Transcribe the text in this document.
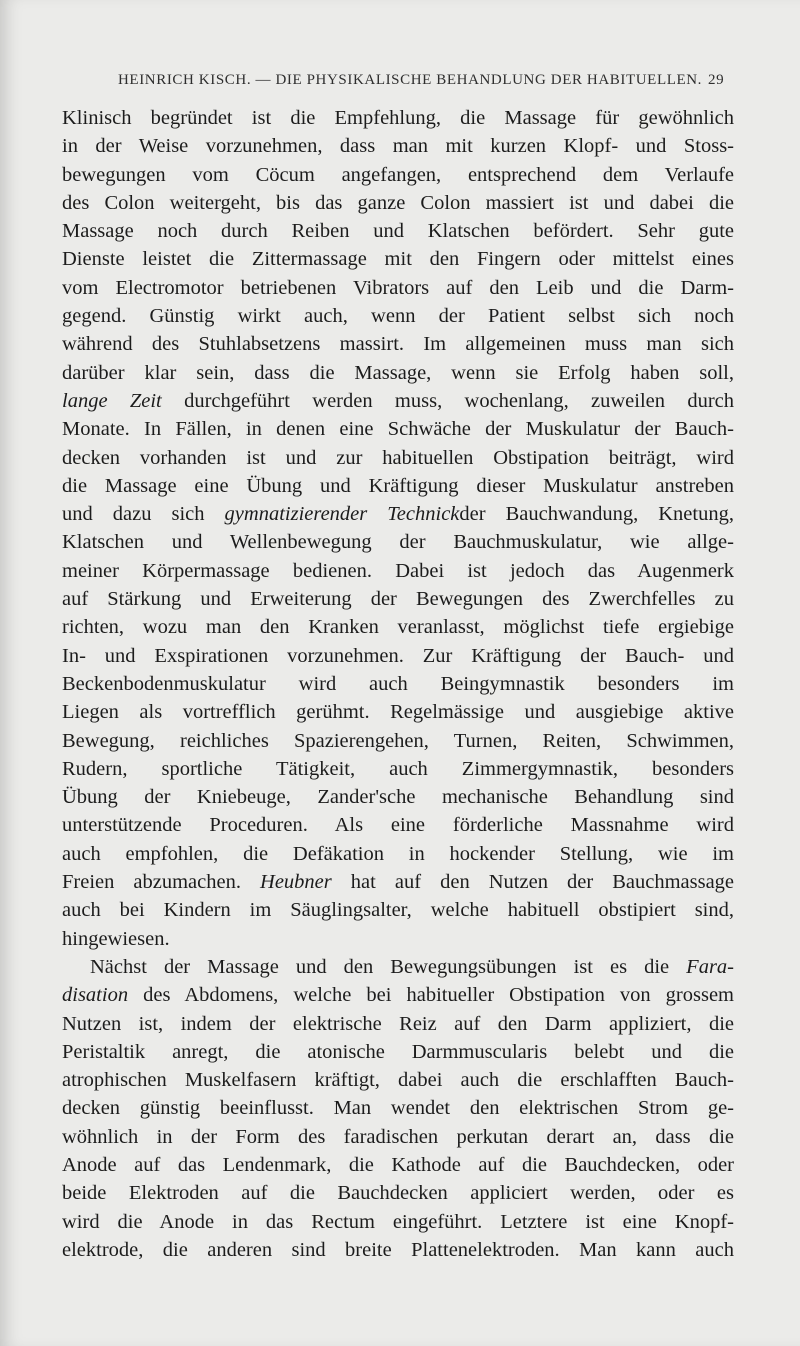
HEINRICH KISCH. — DIE PHYSIKALISCHE BEHANDLUNG DER HABITUELLEN. 29
Klinisch begründet ist die Empfehlung, die Massage für gewöhnlich
in der Weise vorzunehmen, dass man mit kurzen Klopf- und Stoss-
bewegungen vom Cöcum angefangen, entsprechend dem Verlaufe
des Colon weitergeht, bis das ganze Colon massiert ist und dabei die
Massage noch durch Reiben und Klatschen befördert. Sehr gute
Dienste leistet die Zittermassage mit den Fingern oder mittelst eines
vom Electromotor betriebenen Vibrators auf den Leib und die Darm-
gegend. Günstig wirkt auch, wenn der Patient selbst sich noch
während des Stuhlabsetzens massirt. Im allgemeinen muss man sich
darüber klar sein, dass die Massage, wenn sie Erfolg haben soll,
lange Zeit durchgeführt werden muss, wochenlang, zuweilen durch
Monate. In Fällen, in denen eine Schwäche der Muskulatur der Bauch-
decken vorhanden ist und zur habituellen Obstipation beiträgt, wird
die Massage eine Übung und Kräftigung dieser Muskulatur anstreben
und dazu sich gymnatizierender Technickder Bauchwandung, Knetung,
Klatschen und Wellenbewegung der Bauchmuskulatur, wie allge-
meiner Körpermassage bedienen. Dabei ist jedoch das Augenmerk
auf Stärkung und Erweiterung der Bewegungen des Zwerchfelles zu
richten, wozu man den Kranken veranlasst, möglichst tiefe ergiebige
In- und Exspirationen vorzunehmen. Zur Kräftigung der Bauch- und
Beckenbodenmuskulatur wird auch Beingymnastik besonders im
Liegen als vortrefflich gerühmt. Regelmässige und ausgiebige aktive
Bewegung, reichliches Spazierengehen, Turnen, Reiten, Schwimmen,
Rudern, sportliche Tätigkeit, auch Zimmergymnastik, besonders
Übung der Kniebeuge, Zander'sche mechanische Behandlung sind
unterstützende Proceduren. Als eine förderliche Massnahme wird
auch empfohlen, die Defäkation in hockender Stellung, wie im
Freien abzumachen. Heubner hat auf den Nutzen der Bauchmassage
auch bei Kindern im Säuglingsalter, welche habituell obstipiert sind,
hingewiesen.
Nächst der Massage und den Bewegungsübungen ist es die Fara-
disation des Abdomens, welche bei habitueller Obstipation von grossem
Nutzen ist, indem der elektrische Reiz auf den Darm appliziert, die
Peristaltik anregt, die atonische Darmmuscularis belebt und die
atrophischen Muskelfasern kräftigt, dabei auch die erschlafften Bauch-
decken günstig beeinflusst. Man wendet den elektrischen Strom ge-
wöhnlich in der Form des faradischen perkutan derart an, dass die
Anode auf das Lendenmark, die Kathode auf die Bauchdecken, oder
beide Elektroden auf die Bauchdecken appliciert werden, oder es
wird die Anode in das Rectum eingeführt. Letztere ist eine Knopf-
elektrode, die anderen sind breite Plattenelektroden. Man kann auch
